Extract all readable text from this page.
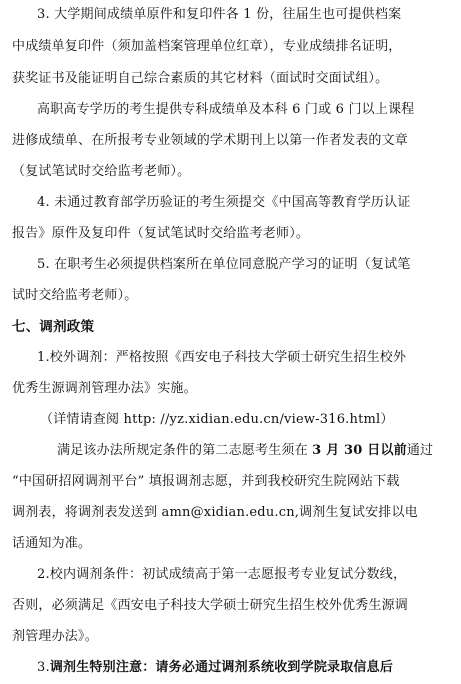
3. 大学期间成绩单原件和复印件各 1 份，往届生也可提供档案
中成绩单复印件（须加盖档案管理单位红章），专业成绩排名证明，
获奖证书及能证明自己综合素质的其它材料（面试时交面试组）。
高职高专学历的考生提供专科成绩单及本科 6 门或 6 门以上课程
进修成绩单、在所报考专业领域的学术期刊上以第一作者发表的文章
（复试笔试时交给监考老师）。
4. 未通过教育部学历验证的考生须提交《中国高等教育学历认证
报告》原件及复印件（复试笔试时交给监考老师）。
5. 在职考生必须提供档案所在单位同意脱产学习的证明（复试笔
试时交给监考老师）。
七、调剂政策
1.校外调剂：严格按照《西安电子科技大学硕士研究生招生校外
优秀生源调剂管理办法》实施。
（详情请查阅 http: //yz.xidian.edu.cn/view-316.html）
满足该办法所规定条件的第二志愿考生须在 3 月 30 日以前通过
“中国研招网调剂平台” 填报调剂志愿，并到我校研究生院网站下载
调剂表，将调剂表发送到 amn@xidian.edu.cn,调剂生复试安排以电
话通知为准。
2.校内调剂条件：初试成绩高于第一志愿报考专业复试分数线，
否则，必须满足《西安电子科技大学硕士研究生招生校外优秀生源调
剂管理办法》。
3.调剂生特别注意：请务必通过调剂系统收到学院录取信息后
